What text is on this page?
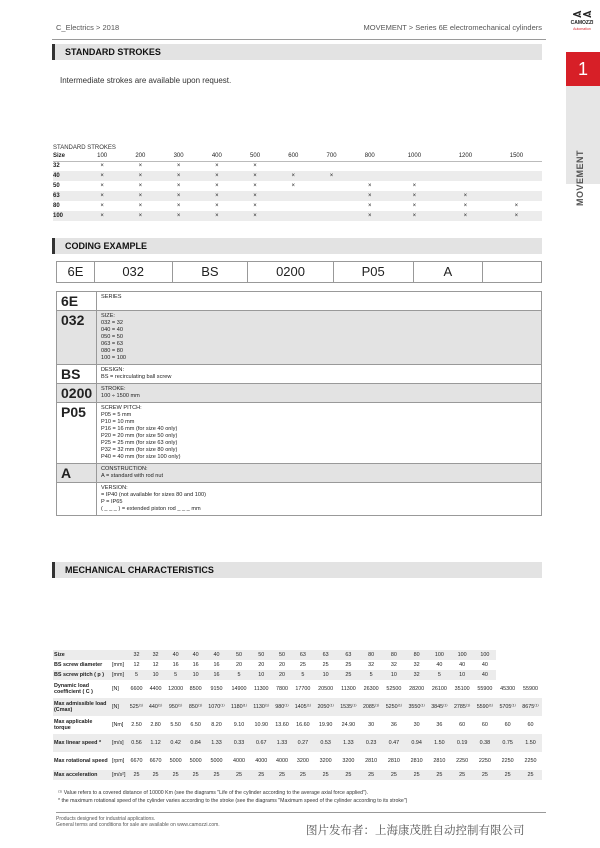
C_Electrics > 2018	MOVEMENT > Series 6E electromechanical cylinders
⋖⋖
CAMOZZI
Automation
1
MOVEMENT
STANDARD STROKES
Intermediate strokes are available upon request.
STANDARD STROKES
Size	100	200	300	400	500	600	700	800	1000	1200	1500
32	×	×	×	×	×						
40	×	×	×	×	×	×	×				
50	×	×	×	×	×	×		×	×		
63	×	×	×	×	×			×	×	×	
80	×	×	×	×	×			×	×	×	×
100	×	×	×	×	×			×	×	×	×
CODING EXAMPLE
6E	032	BS	0200	P05	A
6E	SERIES
032	SIZE:
032 = 32
040 = 40
050 = 50
063 = 63
080 = 80
100 = 100
BS	DESIGN:
BS = recirculating ball screw
0200	STROKE:
100 ÷ 1500 mm
P05	SCREW PITCH:
P05 = 5 mm
P10 = 10 mm
P16 = 16 mm (for size 40 only)
P20 = 20 mm (for size 50 only)
P25 = 25 mm (for size 63 only)
P32 = 32 mm (for size 80 only)
P40 = 40 mm (for size 100 only)
A	CONSTRUCTION:
A = standard with rod nut
VERSION:
= IP40 (not available for sizes 80 and 100)
P = IP65
( _ _ _ ) = extended piston rod _ _ _ mm
MECHANICAL CHARACTERISTICS
Size		32	32	40	40	40	50	50	50	63	63	63	80	80	80	100	100	100		
BS screw diameter	[mm]	12	12	16	16	16	20	20	20	25	25	25	32	32	32	40	40	40		
BS screw pitch ( p )	[mm]	5	10	5	10	16	5	10	20	5	10	25	5	10	32	5	10	40		
Dynamic load coefficient ( C )	[N]	6600	4400	12000	8500	9150	14900	11300	7800	17700	20500	11300	26300	52500	28200	26100	35100	55900	45300	55900
Max admissible load (Cmax)	[N]	525⁽¹⁾	440⁽¹⁾	950⁽¹⁾	850⁽¹⁾	1070⁽¹⁾	1180⁽¹⁾	1130⁽¹⁾	980⁽¹⁾	1405⁽¹⁾	2050⁽¹⁾	1535⁽¹⁾	2085⁽¹⁾	5250⁽¹⁾	3550⁽¹⁾	3845⁽¹⁾	2785⁽¹⁾	5590⁽¹⁾	5705⁽¹⁾	8675⁽¹⁾
Max applicable torque	[Nm]	2.50	2.80	5.50	6.50	8.20	9.10	10.90	13.60	16.60	19.90	24.90	30	36	30	36	60	60	60	60
Max linear speed *	[m/s]	0.56	1.12	0.42	0.84	1.33	0.33	0.67	1.33	0.27	0.53	1.33	0.23	0.47	0.94	1.50	0.19	0.38	0.75	1.50
Max rotational speed	[rpm]	6670	6670	5000	5000	5000	4000	4000	4000	3200	3200	3200	2810	2810	2810	2810	2250	2250	2250	2250
Max acceleration	[m/s²]	25	25	25	25	25	25	25	25	25	25	25	25	25	25	25	25	25	25	25
⁽¹⁾ Value refers to a covered distance of 10000 Km (see the diagrams "Life of the cylinder according to the average axial force applied").
* the maximum rotational speed of the cylinder varies according to the stroke (see the diagrams "Maximum speed of the cylinder according to its stroke")
Products designed for industrial applications.
General terms and conditions for sale are available on www.camozzi.com.	图片发布者：上海康茂胜自动控制有限公司
